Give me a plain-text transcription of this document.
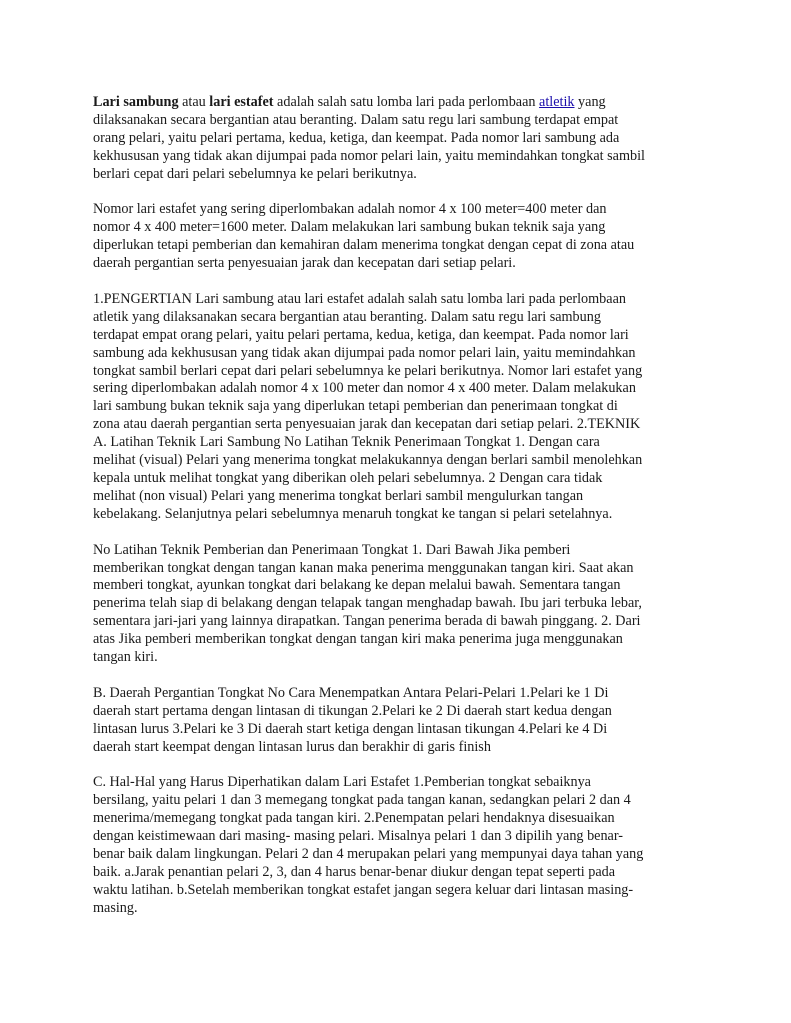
Lari sambung atau lari estafet adalah salah satu lomba lari pada perlombaan atletik yang
dilaksanakan secara bergantian atau beranting. Dalam satu regu lari sambung terdapat empat
orang pelari, yaitu pelari pertama, kedua, ketiga, dan keempat. Pada nomor lari sambung ada
kekhususan yang tidak akan dijumpai pada nomor pelari lain, yaitu memindahkan tongkat sambil
berlari cepat dari pelari sebelumnya ke pelari berikutnya.

Nomor lari estafet yang sering diperlombakan adalah nomor 4 x 100 meter=400 meter dan
nomor 4 x 400 meter=1600 meter. Dalam melakukan lari sambung bukan teknik saja yang
diperlukan tetapi pemberian dan kemahiran dalam menerima tongkat dengan cepat di zona atau
daerah pergantian serta penyesuaian jarak dan kecepatan dari setiap pelari.

1.PENGERTIAN Lari sambung atau lari estafet adalah salah satu lomba lari pada perlombaan
atletik yang dilaksanakan secara bergantian atau beranting. Dalam satu regu lari sambung
terdapat empat orang pelari, yaitu pelari pertama, kedua, ketiga, dan keempat. Pada nomor lari
sambung ada kekhususan yang tidak akan dijumpai pada nomor pelari lain, yaitu memindahkan
tongkat sambil berlari cepat dari pelari sebelumnya ke pelari berikutnya. Nomor lari estafet yang
sering diperlombakan adalah nomor 4 x 100 meter dan nomor 4 x 400 meter. Dalam melakukan
lari sambung bukan teknik saja yang diperlukan tetapi pemberian dan penerimaan tongkat di
zona atau daerah pergantian serta penyesuaian jarak dan kecepatan dari setiap pelari. 2.TEKNIK
A. Latihan Teknik Lari Sambung No Latihan Teknik Penerimaan Tongkat 1. Dengan cara
melihat (visual) Pelari yang menerima tongkat melakukannya dengan berlari sambil menolehkan
kepala untuk melihat tongkat yang diberikan oleh pelari sebelumnya. 2 Dengan cara tidak
melihat (non visual) Pelari yang menerima tongkat berlari sambil mengulurkan tangan
kebelakang. Selanjutnya pelari sebelumnya menaruh tongkat ke tangan si pelari setelahnya.

No Latihan Teknik Pemberian dan Penerimaan Tongkat 1. Dari Bawah Jika pemberi
memberikan tongkat dengan tangan kanan maka penerima menggunakan tangan kiri. Saat akan
memberi tongkat, ayunkan tongkat dari belakang ke depan melalui bawah. Sementara tangan
penerima telah siap di belakang dengan telapak tangan menghadap bawah. Ibu jari terbuka lebar,
sementara jari-jari yang lainnya dirapatkan. Tangan penerima berada di bawah pinggang. 2. Dari
atas Jika pemberi memberikan tongkat dengan tangan kiri maka penerima juga menggunakan
tangan kiri.

B. Daerah Pergantian Tongkat No Cara Menempatkan Antara Pelari-Pelari 1.Pelari ke 1 Di
daerah start pertama dengan lintasan di tikungan 2.Pelari ke 2 Di daerah start kedua dengan
lintasan lurus 3.Pelari ke 3 Di daerah start ketiga dengan lintasan tikungan 4.Pelari ke 4 Di
daerah start keempat dengan lintasan lurus dan berakhir di garis finish

C. Hal-Hal yang Harus Diperhatikan dalam Lari Estafet 1.Pemberian tongkat sebaiknya
bersilang, yaitu pelari 1 dan 3 memegang tongkat pada tangan kanan, sedangkan pelari 2 dan 4
menerima/memegang tongkat pada tangan kiri. 2.Penempatan pelari hendaknya disesuaikan
dengan keistimewaan dari masing- masing pelari. Misalnya pelari 1 dan 3 dipilih yang benar-
benar baik dalam lingkungan. Pelari 2 dan 4 merupakan pelari yang mempunyai daya tahan yang
baik. a.Jarak penantian pelari 2, 3, dan 4 harus benar-benar diukur dengan tepat seperti pada
waktu latihan. b.Setelah memberikan tongkat estafet jangan segera keluar dari lintasan masing-
masing.
